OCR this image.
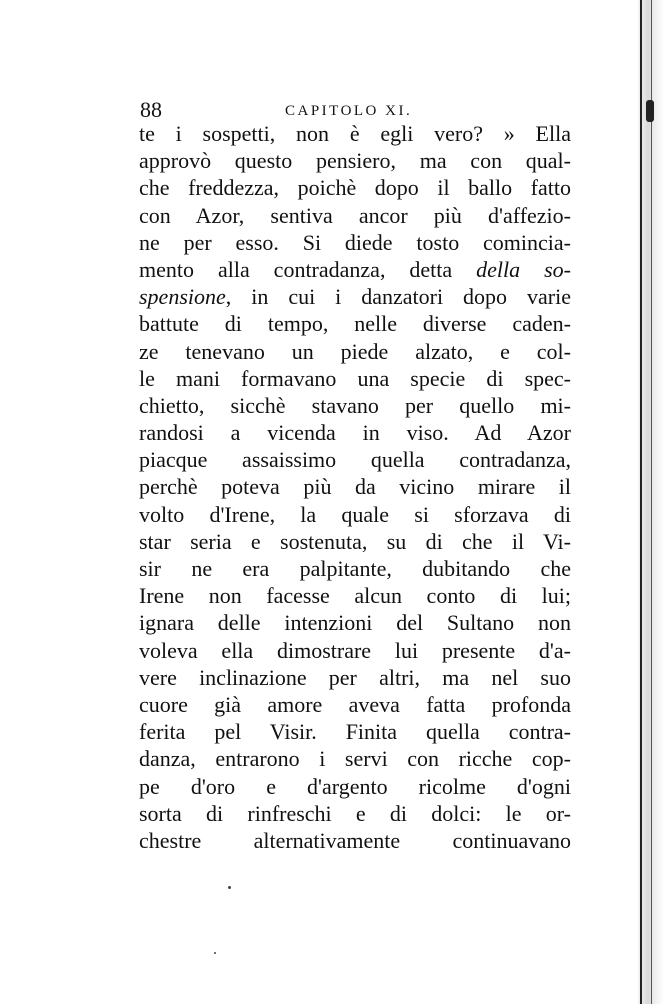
88	CAPITOLO XI.
te i sospetti, non è egli vero? » Ella
approvò questo pensiero, ma con qual-
che freddezza, poichè dopo il ballo fatto
con Azor, sentiva ancor più d'affezio-
ne per esso. Si diede tosto comincia-
mento alla contradanza, detta della so-
spensione, in cui i danzatori dopo varie
battute di tempo, nelle diverse caden-
ze tenevano un piede alzato, e col-
le mani formavano una specie di spec-
chietto, sicchè stavano per quello mi-
randosi a vicenda in viso. Ad Azor
piacque assaissimo quella contradanza,
perchè poteva più da vicino mirare il
volto d'Irene, la quale si sforzava di
star seria e sostenuta, su di che il Vi-
sir ne era palpitante, dubitando che
Irene non facesse alcun conto di lui;
ignara delle intenzioni del Sultano non
voleva ella dimostrare lui presente d'a-
vere inclinazione per altri, ma nel suo
cuore già amore aveva fatta profonda
ferita pel Visir. Finita quella contra-
danza, entrarono i servi con ricche cop-
pe d'oro e d'argento ricolme d'ogni
sorta di rinfreschi e di dolci: le or-
chestre alternativamente continuavano
